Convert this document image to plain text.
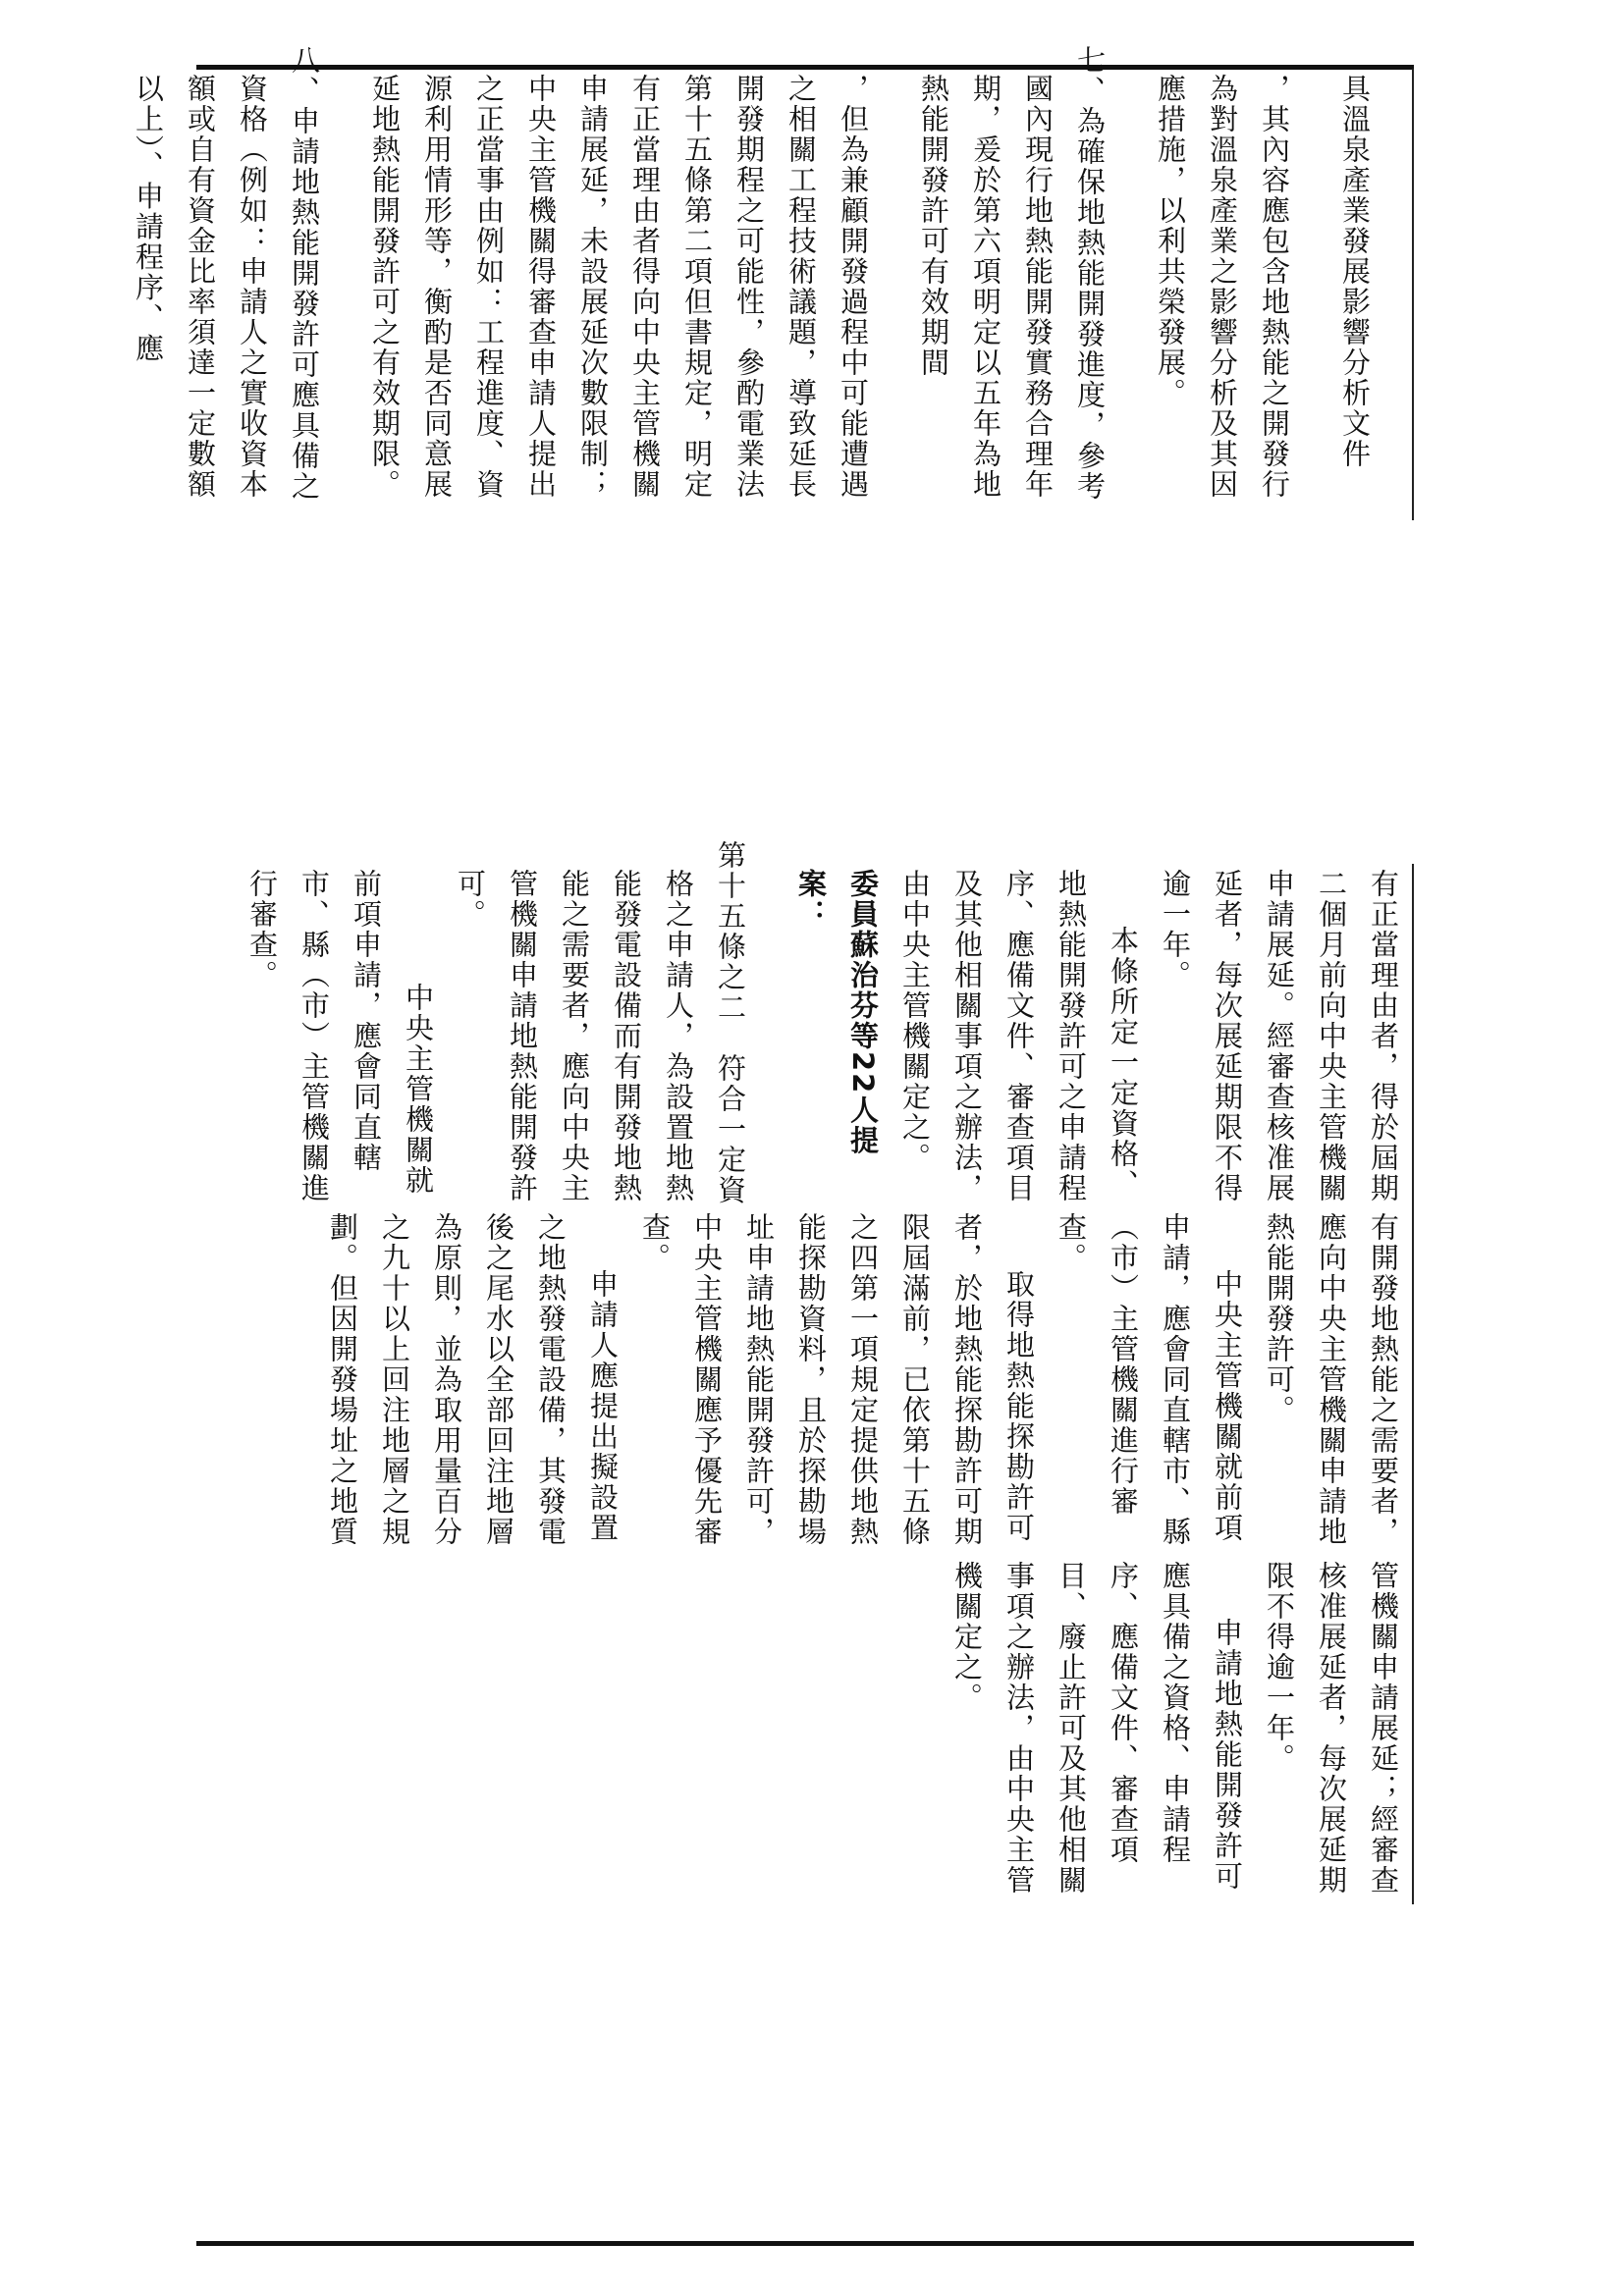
具溫泉產業發展影響分析文件

，其內容應包含地熱能之開發行為對溫泉產業之影響分析及其因應措施，以利共榮發展。

七、為確保地熱能開發進度，參考國內現行地熱能開發實務合理年期，爰於第六項明定以五年為地熱能開發許可有效期間

，但為兼顧開發過程中可能遭遇之相關工程技術議題，導致延長開發期程之可能性，參酌電業法第十五條第二項但書規定，明定有正當理由者得向中央主管機關申請展延，未設展延次數限制；中央主管機關得審查申請人提出之正當事由例如：工程進度、資源利用情形等，衡酌是否同意展延地熱能開發許可之有效期限。

八、申請地熱能開發許可應具備之資格（例如：申請人之實收資本額或自有資金比率須達一定數額以上）、申請程序、應

有正當理由者，得於屆期二個月前向中央主管機關申請展延。經審查核准展延者，每次展延期限不得逾一年。

本條所定一定資格、地熱能開發許可之申請程序、應備文件、審查項目及其他相關事項之辦法，由中央主管機關定之。

委員蘇治芬等22人提案：

第十五條之二　符合一定資格之申請人，為設置地熱能發電設備而有開發地熱能之需要者，應向中央主管機關申請地熱能開發許可。

中央主管機關就前項申請，應會同直轄市、縣（市）主管機關進行審查。

有開發地熱能之需要者，應向中央主管機關申請地熱能開發許可。

中央主管機關就前項申請，應會同直轄市、縣（市）主管機關進行審查。

取得地熱能探勘許可者，於地熱能探勘許可期限屆滿前，已依第十五條之四第一項規定提供地熱能探勘資料，且於探勘場址申請地熱能開發許可，中央主管機關應予優先審查。

申請人應提出擬設置之地熱發電設備，其發電後之尾水以全部回注地層為原則，並為取用量百分之九十以上回注地層之規劃。但因開發場址之地質

管機關申請展延；經審查核准展延者，每次展延期限不得逾一年。

申請地熱能開發許可應具備之資格、申請程序、應備文件、審查項目、廢止許可及其他相關事項之辦法，由中央主管機關定之。
